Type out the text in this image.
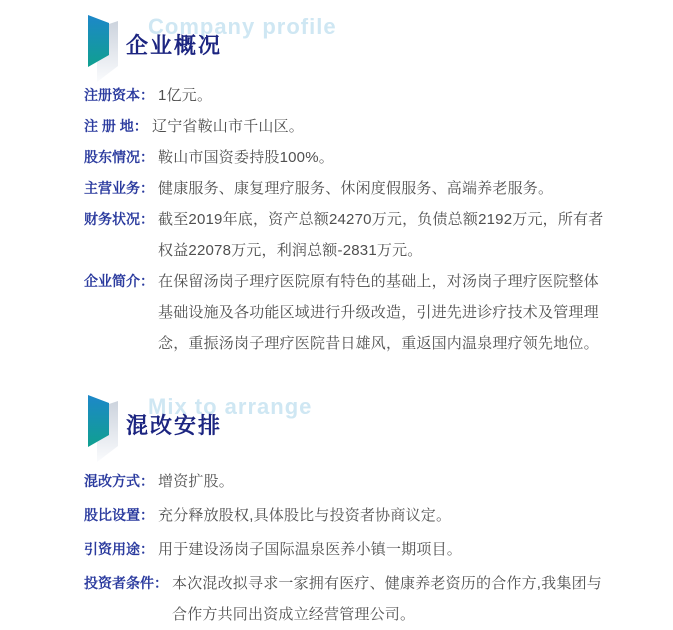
Company profile
企业概况
注册资本： 1亿元。
注 册 地： 辽宁省鞍山市千山区。
股东情况： 鞍山市国资委持股100%。
主营业务： 健康服务、康复理疗服务、休闲度假服务、高端养老服务。
财务状况： 截至2019年底，资产总额24270万元，负债总额2192万元，所有者权益22078万元，利润总额-2831万元。
企业简介： 在保留汤岗子理疗医院原有特色的基础上，对汤岗子理疗医院整体基础设施及各功能区域进行升级改造，引进先进诊疗技术及管理理念，重振汤岗子理疗医院昔日雄风，重返国内温泉理疗领先地位。
Mix to arrange
混改安排
混改方式： 增资扩股。
股比设置： 充分释放股权,具体股比与投资者协商议定。
引资用途： 用于建设汤岗子国际温泉医养小镇一期项目。
投资者条件： 本次混改拟寻求一家拥有医疗、健康养老资历的合作方,我集团与合作方共同出资成立经营管理公司。
